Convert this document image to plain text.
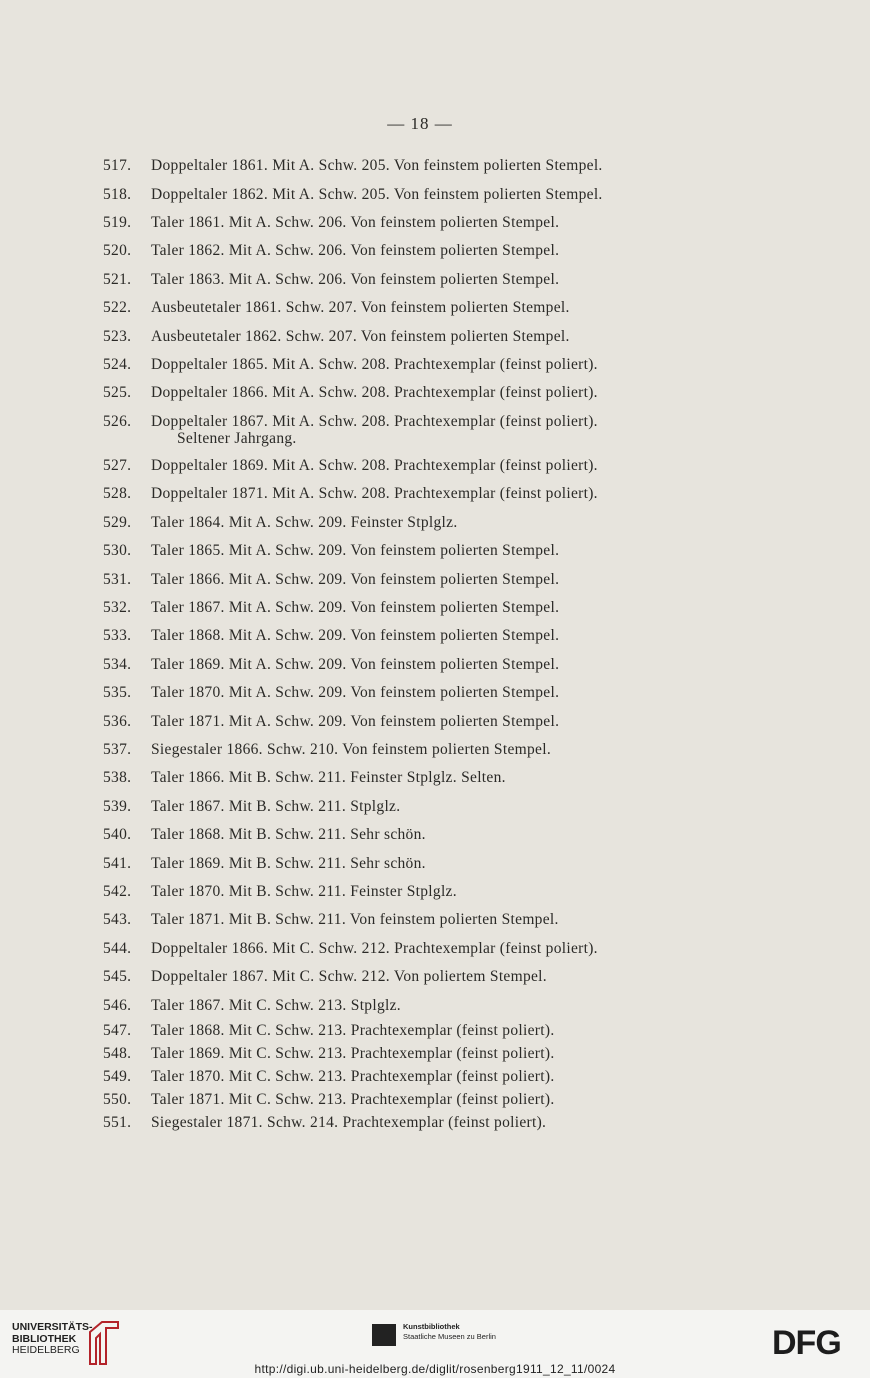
— 18 —
517.	Doppeltaler 1861. Mit A. Schw. 205. Von feinstem polierten Stempel.
518.	Doppeltaler 1862. Mit A. Schw. 205. Von feinstem polierten Stempel.
519.	Taler 1861. Mit A. Schw. 206. Von feinstem polierten Stempel.
520.	Taler 1862. Mit A. Schw. 206. Von feinstem polierten Stempel.
521.	Taler 1863. Mit A. Schw. 206. Von feinstem polierten Stempel.
522.	Ausbeutetaler 1861. Schw. 207. Von feinstem polierten Stempel.
523.	Ausbeutetaler 1862. Schw. 207. Von feinstem polierten Stempel.
524.	Doppeltaler 1865. Mit A. Schw. 208. Prachtexemplar (feinst poliert).
525.	Doppeltaler 1866. Mit A. Schw. 208. Prachtexemplar (feinst poliert).
526.	Doppeltaler 1867. Mit A. Schw. 208. Prachtexemplar (feinst poliert).
Seltener Jahrgang.
527.	Doppeltaler 1869. Mit A. Schw. 208. Prachtexemplar (feinst poliert).
528.	Doppeltaler 1871. Mit A. Schw. 208. Prachtexemplar (feinst poliert).
529.	Taler 1864. Mit A. Schw. 209. Feinster Stplglz.
530.	Taler 1865. Mit A. Schw. 209. Von feinstem polierten Stempel.
531.	Taler 1866. Mit A. Schw. 209. Von feinstem polierten Stempel.
532.	Taler 1867. Mit A. Schw. 209. Von feinstem polierten Stempel.
533.	Taler 1868. Mit A. Schw. 209. Von feinstem polierten Stempel.
534.	Taler 1869. Mit A. Schw. 209. Von feinstem polierten Stempel.
535.	Taler 1870. Mit A. Schw. 209. Von feinstem polierten Stempel.
536.	Taler 1871. Mit A. Schw. 209. Von feinstem polierten Stempel.
537.	Siegestaler 1866. Schw. 210. Von feinstem polierten Stempel.
538.	Taler 1866. Mit B. Schw. 211. Feinster Stplglz. Selten.
539.	Taler 1867. Mit B. Schw. 211. Stplglz.
540.	Taler 1868. Mit B. Schw. 211. Sehr schön.
541.	Taler 1869. Mit B. Schw. 211. Sehr schön.
542.	Taler 1870. Mit B. Schw. 211. Feinster Stplglz.
543.	Taler 1871. Mit B. Schw. 211. Von feinstem polierten Stempel.
544.	Doppeltaler 1866. Mit C. Schw. 212. Prachtexemplar (feinst poliert).
545.	Doppeltaler 1867. Mit C. Schw. 212. Von poliertem Stempel.
546.	Taler 1867. Mit C. Schw. 213. Stplglz.
547.	Taler 1868. Mit C. Schw. 213. Prachtexemplar (feinst poliert).
548.	Taler 1869. Mit C. Schw. 213. Prachtexemplar (feinst poliert).
549.	Taler 1870. Mit C. Schw. 213. Prachtexemplar (feinst poliert).
550.	Taler 1871. Mit C. Schw. 213. Prachtexemplar (feinst poliert).
551.	Siegestaler 1871. Schw. 214. Prachtexemplar (feinst poliert).
UNIVERSITÄTS-
BIBLIOTHEK
HEIDELBERG
Kunstbibliothek
Staatliche Museen zu Berlin	DFG
http://digi.ub.uni-heidelberg.de/diglit/rosenberg1911_12_11/0024
